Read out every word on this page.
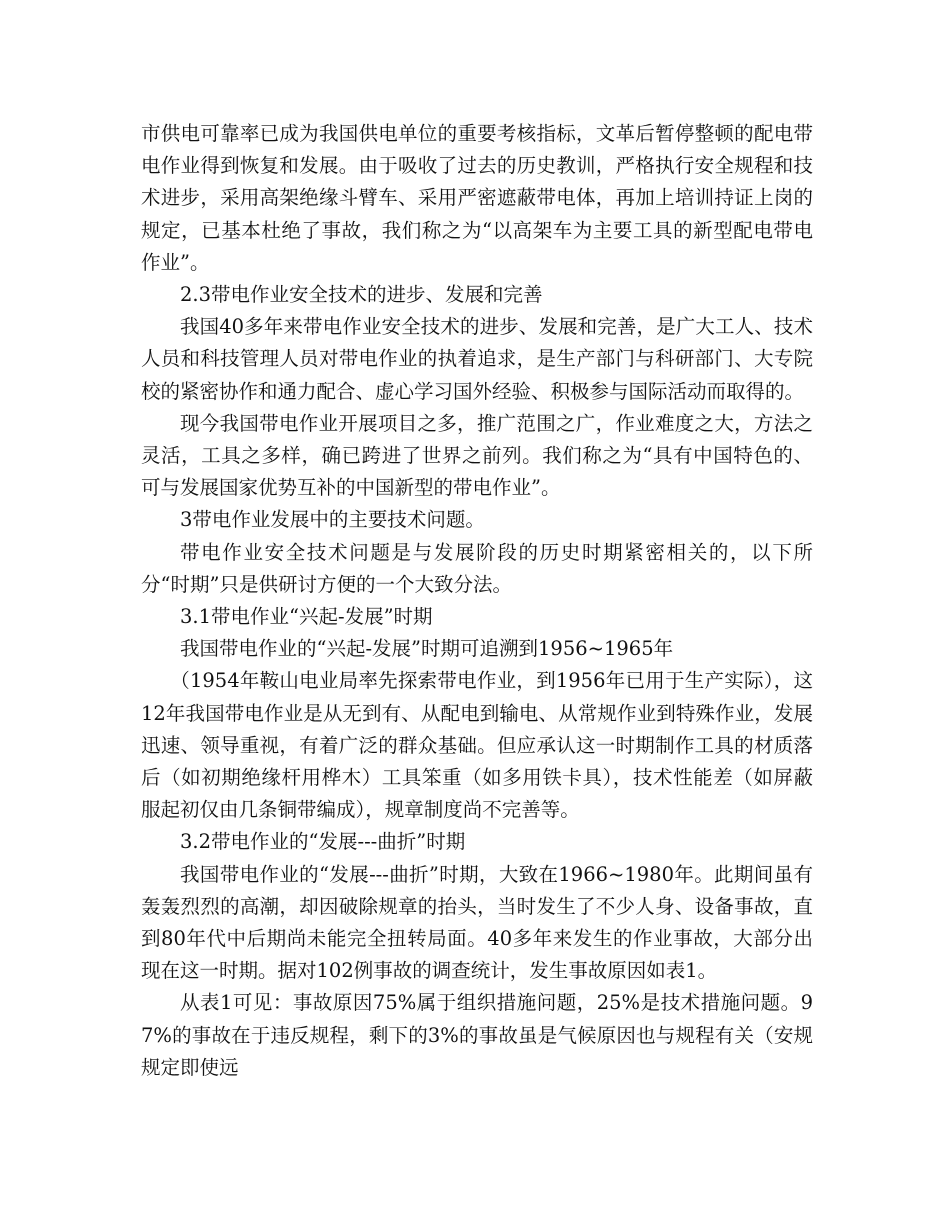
市供电可靠率已成为我国供电单位的重要考核指标，文革后暂停整顿的配电带电作业得到恢复和发展。由于吸收了过去的历史教训，严格执行安全规程和技术进步，采用高架绝缘斗臂车、采用严密遮蔽带电体，再加上培训持证上岗的规定，已基本杜绝了事故，我们称之为“以高架车为主要工具的新型配电带电作业”。

2.3带电作业安全技术的进步、发展和完善

我国40多年来带电作业安全技术的进步、发展和完善，是广大工人、技术人员和科技管理人员对带电作业的执着追求，是生产部门与科研部门、大专院校的紧密协作和通力配合、虚心学习国外经验、积极参与国际活动而取得的。

现今我国带电作业开展项目之多，推广范围之广，作业难度之大，方法之灵活，工具之多样，确已跨进了世界之前列。我们称之为“具有中国特色的、可与发展国家优势互补的中国新型的带电作业”。

3带电作业发展中的主要技术问题。

带电作业安全技术问题是与发展阶段的历史时期紧密相关的，以下所分“时期”只是供研讨方便的一个大致分法。

3.1带电作业“兴起-发展”时期

我国带电作业的“兴起-发展”时期可追溯到1956~1965年

（1954年鞍山电业局率先探索带电作业，到1956年已用于生产实际），这12年我国带电作业是从无到有、从配电到输电、从常规作业到特殊作业，发展迅速、领导重视，有着广泛的群众基础。但应承认这一时期制作工具的材质落后（如初期绝缘杆用桦木）工具笨重（如多用铁卡具），技术性能差（如屏蔽服起初仅由几条铜带编成），规章制度尚不完善等。

3.2带电作业的“发展---曲折”时期

我国带电作业的“发展---曲折”时期，大致在1966~1980年。此期间虽有轰轰烈烈的高潮，却因破除规章的抬头，当时发生了不少人身、设备事故，直到80年代中后期尚未能完全扭转局面。40多年来发生的作业事故，大部分出现在这一时期。据对102例事故的调查统计，发生事故原因如表1。

从表1可见：事故原因75%属于组织措施问题，25%是技术措施问题。97%的事故在于违反规程，剩下的3%的事故虽是气候原因也与规程有关（安规规定即使远
